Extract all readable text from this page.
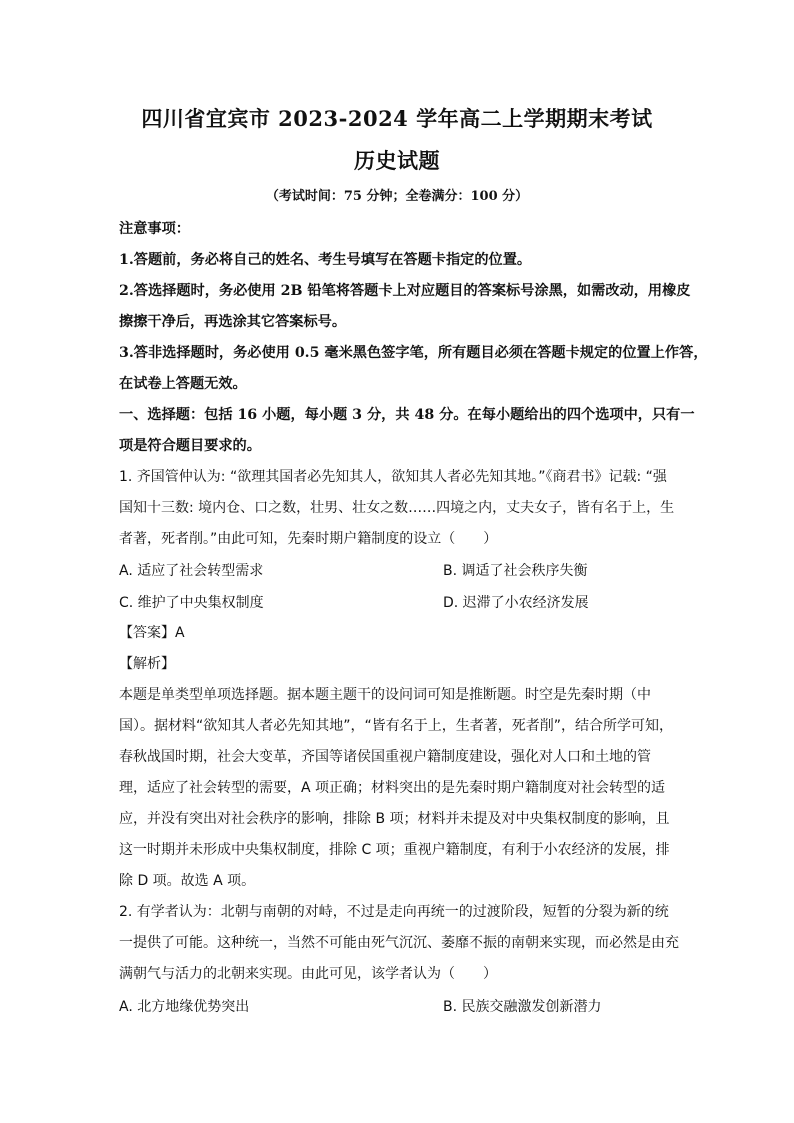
四川省宜宾市 2023-2024 学年高二上学期期末考试
历史试题
（考试时间：75 分钟；全卷满分：100 分）
注意事项：
1.答题前，务必将自己的姓名、考生号填写在答题卡指定的位置。
2.答选择题时，务必使用 2B 铅笔将答题卡上对应题目的答案标号涂黑，如需改动，用橡皮
擦擦干净后，再选涂其它答案标号。
3.答非选择题时，务必使用 0.5 毫米黑色签字笔，所有题目必须在答题卡规定的位置上作答，
在试卷上答题无效。
一、选择题：包括 16 小题，每小题 3 分，共 48 分。在每小题给出的四个选项中，只有一
项是符合题目要求的。
1. 齐国管仲认为: “欲理其国者必先知其人，欲知其人者必先知其地。”《商君书》记载: “强
国知十三数: 境内仓、口之数，壮男、壮女之数……四境之内，丈夫女子，皆有名于上，生
者著，死者削。”由此可知，先秦时期户籍制度的设立（　　）
A. 适应了社会转型需求	B. 调适了社会秩序失衡
C. 维护了中央集权制度	D. 迟滞了小农经济发展
【答案】A
【解析】
本题是单类型单项选择题。据本题主题干的设问词可知是推断题。时空是先秦时期（中
国）。据材料“欲知其人者必先知其地”，“皆有名于上，生者著，死者削”，结合所学可知，
春秋战国时期，社会大变革，齐国等诸侯国重视户籍制度建设，强化对人口和土地的管
理，适应了社会转型的需要，A 项正确；材料突出的是先秦时期户籍制度对社会转型的适
应，并没有突出对社会秩序的影响，排除 B 项；材料并未提及对中央集权制度的影响，且
这一时期并未形成中央集权制度，排除 C 项；重视户籍制度，有利于小农经济的发展，排
除 D 项。故选 A 项。
2. 有学者认为：北朝与南朝的对峙，不过是走向再统一的过渡阶段，短暂的分裂为新的统
一提供了可能。这种统一，当然不可能由死气沉沉、萎靡不振的南朝来实现，而必然是由充
满朝气与活力的北朝来实现。由此可见，该学者认为（　　）
A. 北方地缘优势突出	B. 民族交融激发创新潜力
